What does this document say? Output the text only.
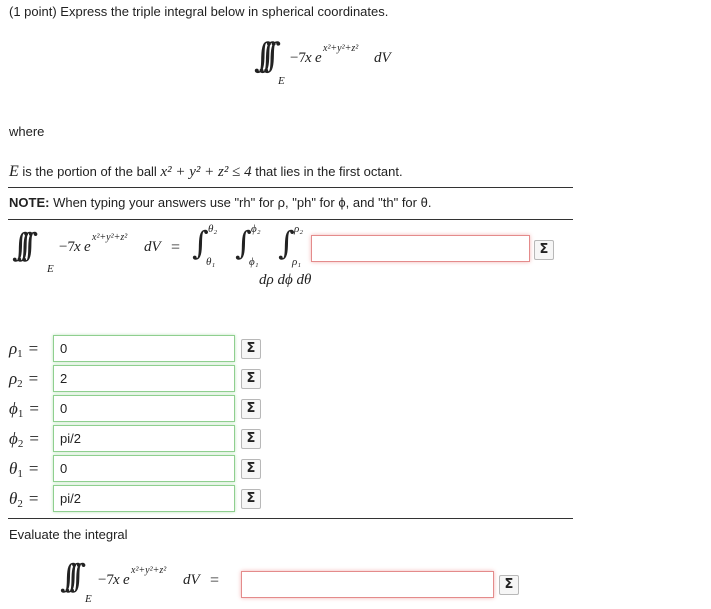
(1 point) Express the triple integral below in spherical coordinates.
∫∫∫
E
−7 x e
x²+y²+z²
dV
where
E is the portion of the ball x² + y² + z² ≤ 4 that lies in the first octant.
NOTE: When typing your answers use "rh" for ρ, "ph" for ϕ, and "th" for θ.
∫∫∫
E
−7 x e
x²+y²+z²
dV = ∫ θ₂
θ₁ ∫ ϕ₂
ϕ₁ ∫ ρ₂
ρ₁
Σ
dρ dϕ dθ
$\rho_1$ =	0	Σ
$\rho_2$ =	2	Σ
$\phi_1$ =	0	Σ
$\phi_2$ =	pi/2	Σ
$\theta_1$ =	0	Σ
$\theta_2$ =	pi/2	Σ
Evaluate the integral
∫∫∫
E
−7 x e
x²+y²+z²
dV =	Σ
